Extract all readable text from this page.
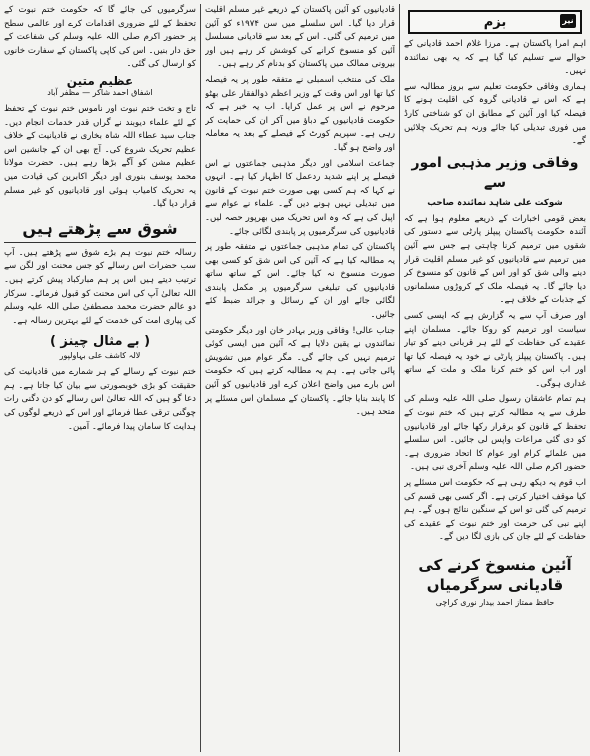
نیر
بزم

اہم امرا پاکستان ہے۔ مرزا غلام احمد قادیانی کے حوالے سے تسلیم کیا گیا ہے کہ یہ بھی نمائندہ نہیں۔

ہماری وفاقی حکومت تعلیم سے بروز مطالبہ سے ہے کہ اس نے قادیانی گروہ کی اقلیت ہونے کا فیصلہ کیا اور آئین کے مطابق ان کو شناختی کارڈ میں فوری تبدیلی کیا جائے ورنہ ہم تحریک چلائیں گے۔

وفاقی وزیر مذہبی امور سے
شوکت علی شاہد نمائندہ صاحب

بعض قومی اخبارات کے ذریعے معلوم ہوا ہے کہ آئندہ حکومت پاکستان پیپلز پارٹی سے دستور کی شقوں میں ترمیم کرنا چاہتی ہے جس سے آئین میں ترمیم سے قادیانیوں کو غیر مسلم اقلیت قرار دینے والی شق کو اور اس کے قانون کو منسوخ کر دیا جائے گا۔ یہ فیصلہ ملک کے کروڑوں مسلمانوں کے جذبات کے خلاف ہے۔

اور صرف آپ سے یہ گزارش ہے کہ ایسی کسی سیاست اور ترمیم کو روکا جائے۔ مسلمان اپنے عقیدے کی حفاظت کے لئے ہر قربانی دینے کو تیار ہیں۔ پاکستان پیپلز پارٹی نے خود یہ فیصلہ کیا تھا اور اب اس کو ختم کرنا ملک و ملت کے ساتھ غداری ہوگی۔

ہم تمام عاشقان رسول صلی اللہ علیہ وسلم کی طرف سے یہ مطالبہ کرتے ہیں کہ ختم نبوت کے تحفظ کے قانون کو برقرار رکھا جائے اور قادیانیوں کو دی گئی مراعات واپس لی جائیں۔ اس سلسلے میں علمائے کرام اور عوام کا اتحاد ضروری ہے۔ حضور اکرم صلی اللہ علیہ وسلم آخری نبی ہیں۔

اب قوم یہ دیکھ رہی ہے کہ حکومت اس مسئلے پر کیا موقف اختیار کرتی ہے۔ اگر کسی بھی قسم کی ترمیم کی گئی تو اس کے سنگین نتائج ہوں گے۔ ہم اپنے نبی کی حرمت اور ختم نبوت کے عقیدے کی حفاظت کے لئے جان کی بازی لگا دیں گے۔

آئین منسوخ کرنے کی قادیانی سرگرمیاں
حافظ ممتاز احمد بیدار نوری کراچی

قادیانیوں کو آئین پاکستان کے ذریعے غیر مسلم اقلیت قرار دیا گیا۔ اس سلسلے میں سن ۱۹۷۴ء کو آئین میں ترمیم کی گئی۔ اس کے بعد سے قادیانی مسلسل آئین کو منسوخ کرانے کی کوشش کر رہے ہیں اور بیرونی ممالک میں پاکستان کو بدنام کر رہے ہیں۔

ملک کی منتخب اسمبلی نے متفقہ طور پر یہ فیصلہ کیا تھا اور اس وقت کے وزیر اعظم ذوالفقار علی بھٹو مرحوم نے اس پر عمل کرایا۔ اب یہ خبر ہے کہ حکومت قادیانیوں کے دباؤ میں آکر ان کی حمایت کر رہی ہے۔ سپریم کورٹ کے فیصلے کے بعد یہ معاملہ اور واضح ہو گیا۔

جماعت اسلامی اور دیگر مذہبی جماعتوں نے اس فیصلے پر اپنے شدید ردعمل کا اظہار کیا ہے۔ انہوں نے کہا کہ ہم کسی بھی صورت ختم نبوت کے قانون میں تبدیلی نہیں ہونے دیں گے۔ علماء نے عوام سے اپیل کی ہے کہ وہ اس تحریک میں بھرپور حصہ لیں۔ قادیانیوں کی سرگرمیوں پر پابندی لگائی جائے۔

پاکستان کی تمام مذہبی جماعتوں نے متفقہ طور پر یہ مطالبہ کیا ہے کہ آئین کی اس شق کو کسی بھی صورت منسوخ نہ کیا جائے۔ اس کے ساتھ ساتھ قادیانیوں کی تبلیغی سرگرمیوں پر مکمل پابندی لگائی جائے اور ان کے رسائل و جرائد ضبط کئے جائیں۔

جناب عالی! وفاقی وزیر بہادر خان اور دیگر حکومتی نمائندوں نے یقین دلایا ہے کہ آئین میں ایسی کوئی ترمیم نہیں کی جائے گی۔ مگر عوام میں تشویش پائی جاتی ہے۔ ہم یہ مطالبہ کرتے ہیں کہ حکومت اس بارے میں واضح اعلان کرے اور قادیانیوں کو آئین کا پابند بنایا جائے۔ پاکستان کے مسلمان اس مسئلے پر متحد ہیں۔

سرگرمیوں کی جائے گا کہ حکومت ختم نبوت کے تحفظ کے لئے ضروری اقدامات کرے اور عالمی سطح پر حضور اکرم صلی اللہ علیہ وسلم کی شفاعت کے حق دار بنیں۔ اس کی کاپی پاکستان کے سفارت خانوں کو ارسال کی گئی۔

عظیم متین
اشفاق احمد شاکر — مظفر آباد

تاج و تخت ختم نبوت اور ناموس ختم نبوت کے تحفظ کے لئے علماء دیوبند نے گراں قدر خدمات انجام دیں۔ جناب سید عطاء اللہ شاہ بخاری نے قادیانیت کے خلاف عظیم تحریک شروع کی۔ آج بھی ان کے جانشین اس عظیم مشن کو آگے بڑھا رہے ہیں۔ حضرت مولانا محمد یوسف بنوری اور دیگر اکابرین کی قیادت میں یہ تحریک کامیاب ہوئی اور قادیانیوں کو غیر مسلم قرار دیا گیا۔

شوق سے پڑھتے ہیں

رسالہ ختم نبوت ہم بڑے شوق سے پڑھتے ہیں۔ آپ سب حضرات اس رسالے کو جس محنت اور لگن سے ترتیب دیتے ہیں اس پر ہم مبارکباد پیش کرتے ہیں۔ اللہ تعالیٰ آپ کی اس محنت کو قبول فرمائے۔ سرکار دو عالم حضرت محمد مصطفیٰ صلی اللہ علیہ وسلم کی پیاری امت کی خدمت کے لئے بہترین رسالہ ہے۔

( بے مثال چینز )
لالہ کاشف علی بہاولپور

ختم نبوت کے رسالے کے ہر شمارے میں قادیانیت کی حقیقت کو بڑی خوبصورتی سے بیان کیا جاتا ہے۔ ہم دعا گو ہیں کہ اللہ تعالیٰ اس رسالے کو دن دگنی رات چوگنی ترقی عطا فرمائے اور اس کے ذریعے لوگوں کی ہدایت کا سامان پیدا فرمائے۔ آمین۔
